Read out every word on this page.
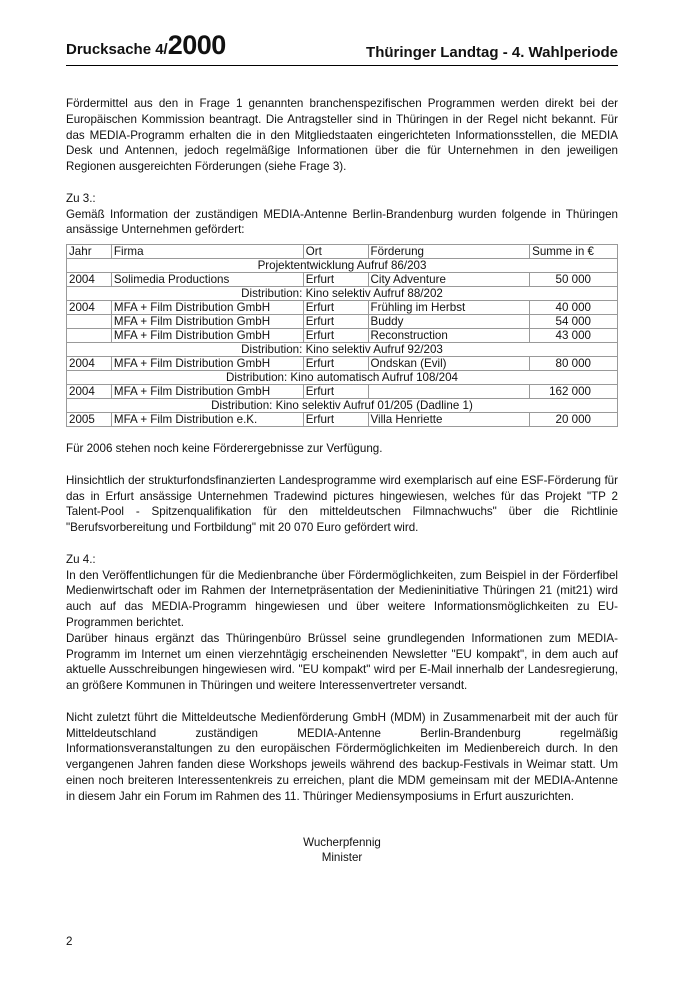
Drucksache 4/2000	Thüringer Landtag - 4. Wahlperiode

Fördermittel aus den in Frage 1 genannten branchenspezifischen Programmen werden direkt bei der Europäischen Kommission beantragt. Die Antragsteller sind in Thüringen in der Regel nicht bekannt. Für das MEDIA-Programm erhalten die in den Mitgliedstaaten eingerichteten Informationsstellen, die MEDIA Desk und Antennen, jedoch regelmäßige Informationen über die für Unternehmen in den jeweiligen Regionen ausgereichten Förderungen (siehe Frage 3).

Zu 3.:

Gemäß Information der zuständigen MEDIA-Antenne Berlin-Brandenburg wurden folgende in Thüringen ansässige Unternehmen gefördert:

Jahr	Firma	Ort	Förderung	Summe in €
Projektentwicklung Aufruf 86/203				
2004	Solimedia Productions	Erfurt	City Adventure	50 000
Distribution: Kino selektiv Aufruf 88/202				
2004	MFA + Film Distribution GmbH	Erfurt	Frühling im Herbst	40 000
	MFA + Film Distribution GmbH	Erfurt	Buddy	54 000
	MFA + Film Distribution GmbH	Erfurt	Reconstruction	43 000
Distribution: Kino selektiv Aufruf 92/203				
2004	MFA + Film Distribution GmbH	Erfurt	Ondskan (Evil)	80 000
Distribution: Kino automatisch Aufruf 108/204				
2004	MFA + Film Distribution GmbH	Erfurt		162 000
Distribution: Kino selektiv Aufruf 01/205 (Dadline 1)				
2005	MFA + Film Distribution e.K.	Erfurt	Villa Henriette	20 000

Für 2006 stehen noch keine Förderergebnisse zur Verfügung.

Hinsichtlich der strukturfondsfinanzierten Landesprogramme wird exemplarisch auf eine ESF-Förderung für das in Erfurt ansässige Unternehmen Tradewind pictures hingewiesen, welches für das Projekt "TP 2 Talent-Pool - Spitzenqualifikation für den mitteldeutschen Filmnachwuchs" über die Richtlinie "Berufsvorbereitung und Fortbildung" mit 20 070 Euro gefördert wird.

Zu 4.:

In den Veröffentlichungen für die Medienbranche über Fördermöglichkeiten, zum Beispiel in der Förderfibel Medienwirtschaft oder im Rahmen der Internetpräsentation der Medieninitiative Thüringen 21 (mit21) wird auch auf das MEDIA-Programm hingewiesen und über weitere Informationsmöglichkeiten zu EU-Programmen berichtet.

Darüber hinaus ergänzt das Thüringenbüro Brüssel seine grundlegenden Informationen zum MEDIA-Programm im Internet um einen vierzehntägig erscheinenden Newsletter "EU kompakt", in dem auch auf aktuelle Ausschreibungen hingewiesen wird. "EU kompakt" wird per E-Mail innerhalb der Landesregierung, an größere Kommunen in Thüringen und weitere Interessenvertreter versandt.

Nicht zuletzt führt die Mitteldeutsche Medienförderung GmbH (MDM) in Zusammenarbeit mit der auch für Mitteldeutschland zuständigen MEDIA-Antenne Berlin-Brandenburg regelmäßig Informationsveranstaltungen zu den europäischen Fördermöglichkeiten im Medienbereich durch. In den vergangenen Jahren fanden diese Workshops jeweils während des backup-Festivals in Weimar statt. Um einen noch breiteren Interessentenkreis zu erreichen, plant die MDM gemeinsam mit der MEDIA-Antenne in diesem Jahr ein Forum im Rahmen des 11. Thüringer Mediensymposiums in Erfurt auszurichten.

Wucherpfennig
Minister
2
